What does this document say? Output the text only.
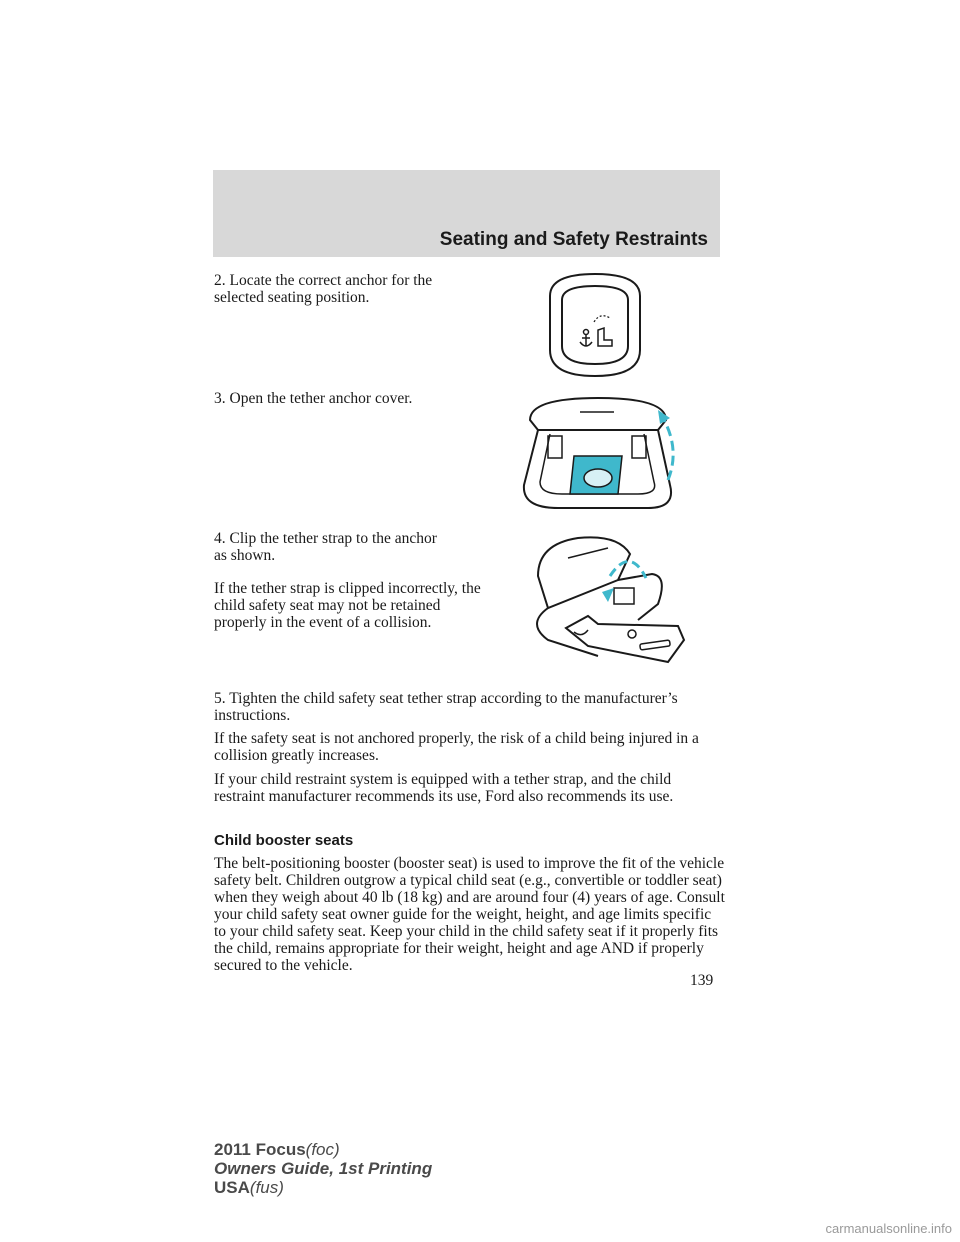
Seating and Safety Restraints

2. Locate the correct anchor for the selected seating position.

3. Open the tether anchor cover.

4. Clip the tether strap to the anchor as shown.

If the tether strap is clipped incorrectly, the child safety seat may not be retained properly in the event of a collision.

5. Tighten the child safety seat tether strap according to the manufacturer’s instructions.

If the safety seat is not anchored properly, the risk of a child being injured in a collision greatly increases.

If your child restraint system is equipped with a tether strap, and the child restraint manufacturer recommends its use, Ford also recommends its use.

Child booster seats

The belt-positioning booster (booster seat) is used to improve the fit of the vehicle safety belt. Children outgrow a typical child seat (e.g., convertible or toddler seat) when they weigh about 40 lb (18 kg) and are around four (4) years of age. Consult your child safety seat owner guide for the weight, height, and age limits specific to your child safety seat. Keep your child in the child safety seat if it properly fits the child, remains appropriate for their weight, height and age AND if properly secured to the vehicle.

139
2011 Focus(foc)
Owners Guide, 1st Printing
USA(fus)
carmanualsonline.info
